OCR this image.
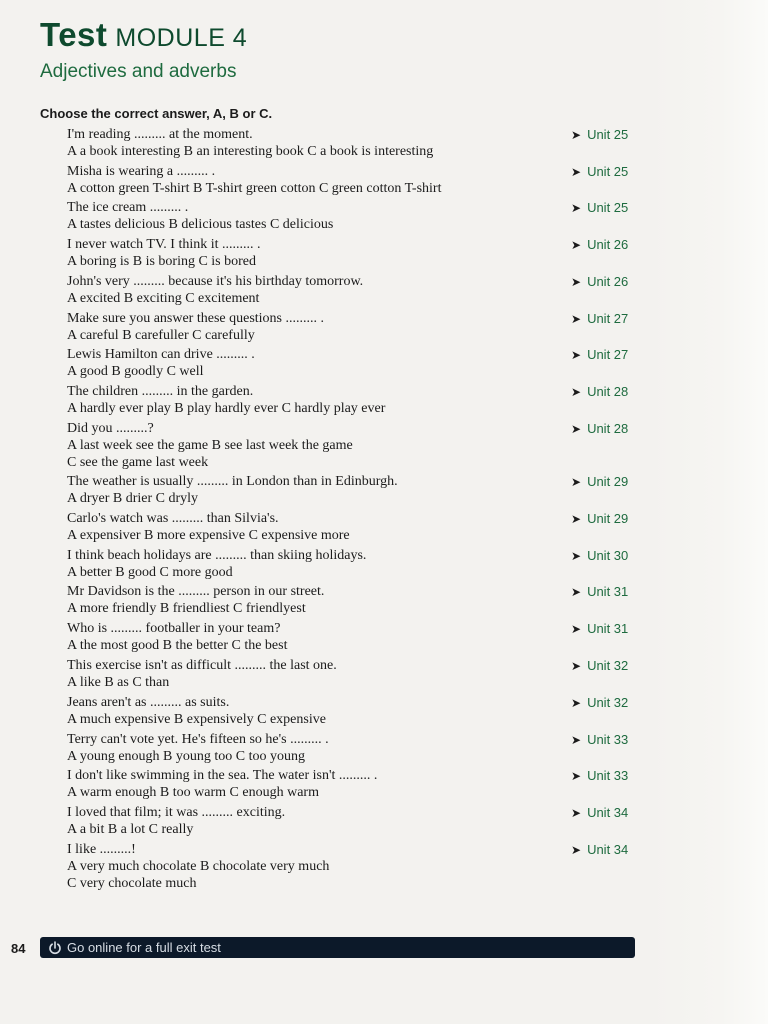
Test MODULE 4
Adjectives and adverbs
Choose the correct answer, A, B or C.
I'm reading ......... at the moment.
A a book interesting B an interesting book C a book is interesting
➤ Unit 25
Misha is wearing a ......... .
A cotton green T-shirt B T-shirt green cotton C green cotton T-shirt
➤ Unit 25
The ice cream ......... .
A tastes delicious B delicious tastes C delicious
➤ Unit 25
I never watch TV. I think it ......... .
A boring is B is boring C is bored
➤ Unit 26
John's very ......... because it's his birthday tomorrow.
A excited B exciting C excitement
➤ Unit 26
Make sure you answer these questions ......... .
A careful B carefuller C carefully
➤ Unit 27
Lewis Hamilton can drive ......... .
A good B goodly C well
➤ Unit 27
The children ......... in the garden.
A hardly ever play B play hardly ever C hardly play ever
➤ Unit 28
Did you .........?
A last week see the game B see last week the game
C see the game last week
➤ Unit 28
The weather is usually ......... in London than in Edinburgh.
A dryer B drier C dryly
➤ Unit 29
Carlo's watch was ......... than Silvia's.
A expensiver B more expensive C expensive more
➤ Unit 29
I think beach holidays are ......... than skiing holidays.
A better B good C more good
➤ Unit 30
Mr Davidson is the ......... person in our street.
A more friendly B friendliest C friendlyest
➤ Unit 31
Who is ......... footballer in your team?
A the most good B the better C the best
➤ Unit 31
This exercise isn't as difficult ......... the last one.
A like B as C than
➤ Unit 32
Jeans aren't as ......... as suits.
A much expensive B expensively C expensive
➤ Unit 32
Terry can't vote yet. He's fifteen so he's ......... .
A young enough B young too C too young
➤ Unit 33
I don't like swimming in the sea. The water isn't ......... .
A warm enough B too warm C enough warm
➤ Unit 33
I loved that film; it was ......... exciting.
A a bit B a lot C really
➤ Unit 34
I like .........!
A very much chocolate B chocolate very much
C very chocolate much
➤ Unit 34
84	Go online for a full exit test
